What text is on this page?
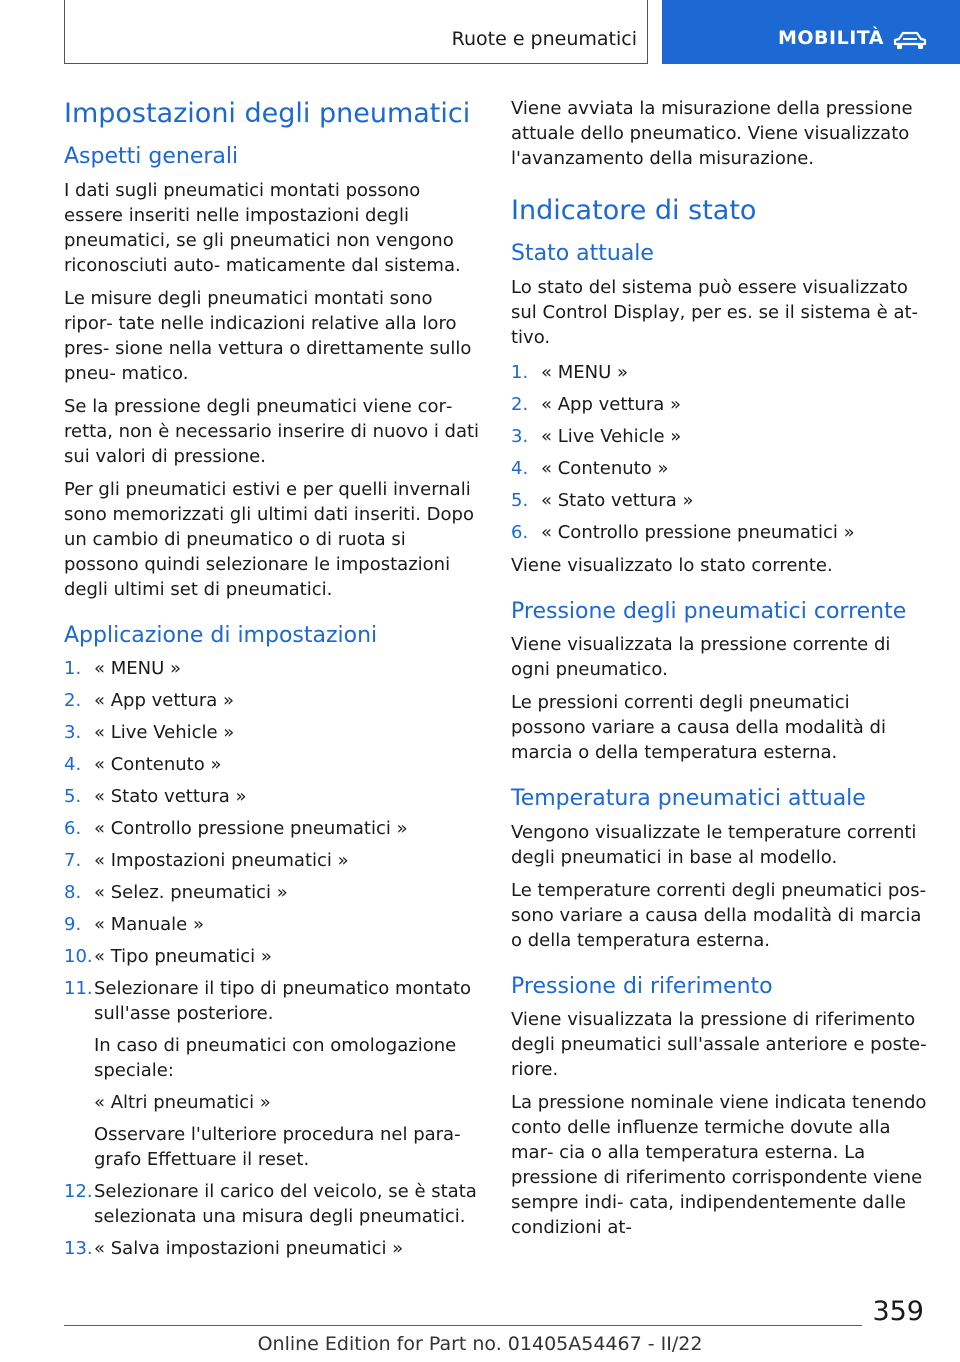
Ruote e pneumatici	MOBILITÀ
Impostazioni degli pneumatici
Aspetti generali

I dati sugli pneumatici montati possono essere inseriti nelle impostazioni degli pneumatici, se gli pneumatici non vengono riconosciuti auto‐ maticamente dal sistema.

Le misure degli pneumatici montati sono ripor‐ tate nelle indicazioni relative alla loro pres‐ sione nella vettura o direttamente sullo pneu‐ matico.

Se la pressione degli pneumatici viene cor‐ retta, non è necessario inserire di nuovo i dati sui valori di pressione.

Per gli pneumatici estivi e per quelli invernali sono memorizzati gli ultimi dati inseriti. Dopo un cambio di pneumatico o di ruota si possono quindi selezionare le impostazioni degli ultimi set di pneumatici.

Applicazione di impostazioni
1. « MENU »
2. « App vettura »
3. « Live Vehicle »
4. « Contenuto »
5. « Stato vettura »
6. « Controllo pressione pneumatici »
7. « Impostazioni pneumatici »
8. « Selez. pneumatici »
9. « Manuale »
10. « Tipo pneumatici »
11. Selezionare il tipo di pneumatico montato sull'asse posteriore.
In caso di pneumatici con omologazione speciale:
« Altri pneumatici »
Osservare l'ulteriore procedura nel para‐ grafo Effettuare il reset.
12. Selezionare il carico del veicolo, se è stata selezionata una misura degli pneumatici.
13. « Salva impostazioni pneumatici »

Viene avviata la misurazione della pressione attuale dello pneumatico. Viene visualizzato l'avanzamento della misurazione.

Indicatore di stato
Stato attuale

Lo stato del sistema può essere visualizzato sul Control Display, per es. se il sistema è at‐ tivo.

1. « MENU »
2. « App vettura »
3. « Live Vehicle »
4. « Contenuto »
5. « Stato vettura »
6. « Controllo pressione pneumatici »

Viene visualizzato lo stato corrente.

Pressione degli pneumatici corrente

Viene visualizzata la pressione corrente di ogni pneumatico.

Le pressioni correnti degli pneumatici possono variare a causa della modalità di marcia o della temperatura esterna.

Temperatura pneumatici attuale

Vengono visualizzate le temperature correnti degli pneumatici in base al modello.

Le temperature correnti degli pneumatici pos‐ sono variare a causa della modalità di marcia o della temperatura esterna.

Pressione di riferimento

Viene visualizzata la pressione di riferimento degli pneumatici sull'assale anteriore e poste‐ riore.

La pressione nominale viene indicata tenendo conto delle influenze termiche dovute alla mar‐ cia o alla temperatura esterna. La pressione di riferimento corrispondente viene sempre indi‐ cata, indipendentemente dalle condizioni at‐

359
Online Edition for Part no. 01405A54467 - II/22
